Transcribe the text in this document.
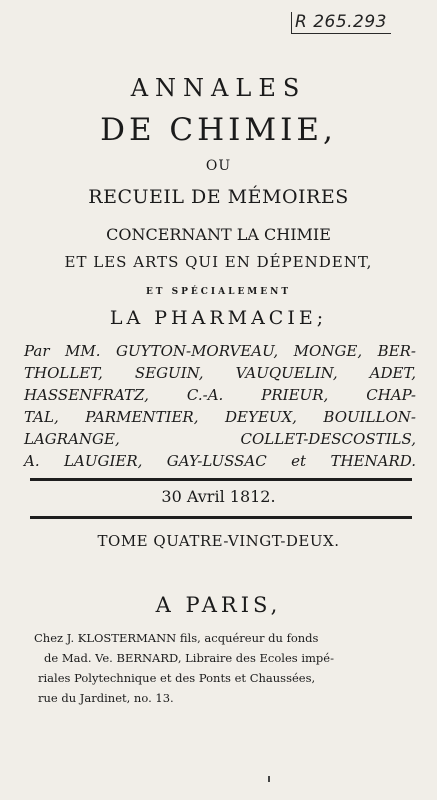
R 265.293
ANNALES
DE CHIMIE,
OU
RECUEIL DE MÉMOIRES
CONCERNANT LA CHIMIE
ET LES ARTS QUI EN DÉPENDENT,
ET SPÉCIALEMENT
LA PHARMACIE;
Par MM. GUYTON-MORVEAU, MONGE, BER-
THOLLET, SEGUIN, VAUQUELIN, ADET,
HASSENFRATZ, C.-A. PRIEUR, CHAP-
TAL, PARMENTIER, DEYEUX, BOUILLON-
LAGRANGE, COLLET-DESCOSTILS,
A. LAUGIER, GAY-LUSSAC et THENARD.
30 Avril 1812.
TOME QUATRE-VINGT-DEUX.
A PARIS,
Chez J. KLOSTERMANN fils, acquéreur du fonds
de Mad. Ve. BERNARD, Libraire des Ecoles impé-
riales Polytechnique et des Ponts et Chaussées,
rue du Jardinet, no. 13.
